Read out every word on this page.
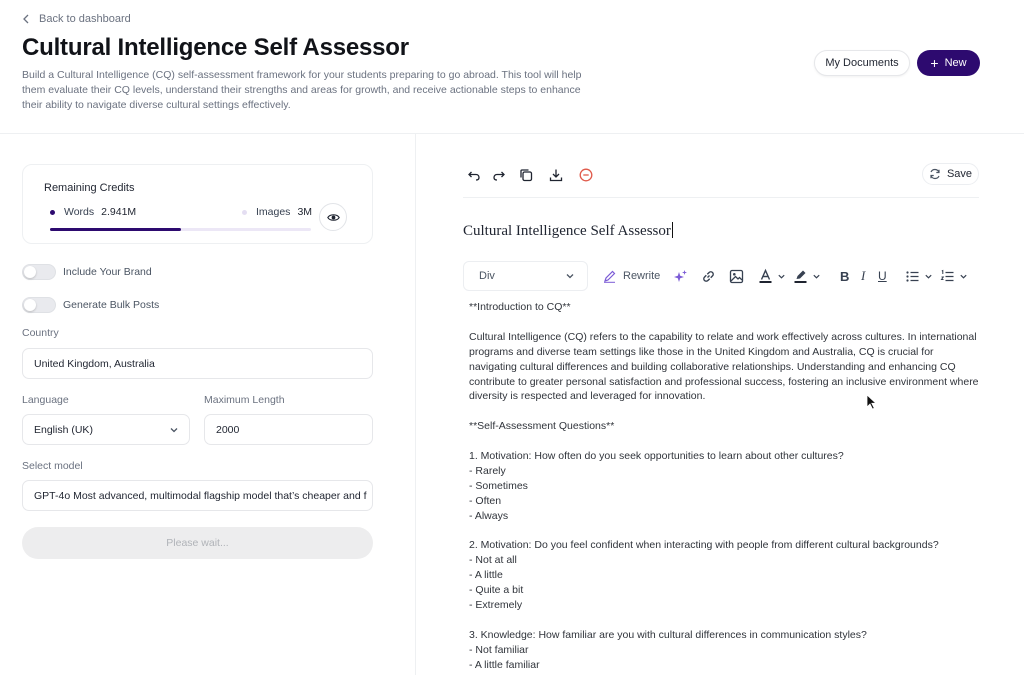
Back to dashboard
Cultural Intelligence Self Assessor

Build a Cultural Intelligence (CQ) self-assessment framework for your students preparing to go abroad. This tool will help them evaluate their CQ levels, understand their strengths and areas for growth, and receive actionable steps to enhance their ability to navigate diverse cultural settings effectively.

My Documents + New
Remaining Credits
Words 2.941M	Images 3M
Include Your Brand
Generate Bulk Posts
Country
United Kingdom, Australia
Language
English (UK)
Maximum Length
2000
Select model
GPT-4o Most advanced, multimodal flagship model that’s cheaper and f
Please wait...
Save
Cultural Intelligence Self Assessor
Div	Rewrite	B I U

**Introduction to CQ**

Cultural Intelligence (CQ) refers to the capability to relate and work effectively across cultures. In international programs and diverse team settings like those in the United Kingdom and Australia, CQ is crucial for navigating cultural differences and building collaborative relationships. Understanding and enhancing CQ contribute to greater personal satisfaction and professional success, fostering an inclusive environment where diversity is respected and leveraged for innovation.

**Self-Assessment Questions**

1. Motivation: How often do you seek opportunities to learn about other cultures?

- Rarely

- Sometimes

- Often

- Always

2. Motivation: Do you feel confident when interacting with people from different cultural backgrounds?

- Not at all

- A little

- Quite a bit

- Extremely

3. Knowledge: How familiar are you with cultural differences in communication styles?

- Not familiar

- A little familiar
